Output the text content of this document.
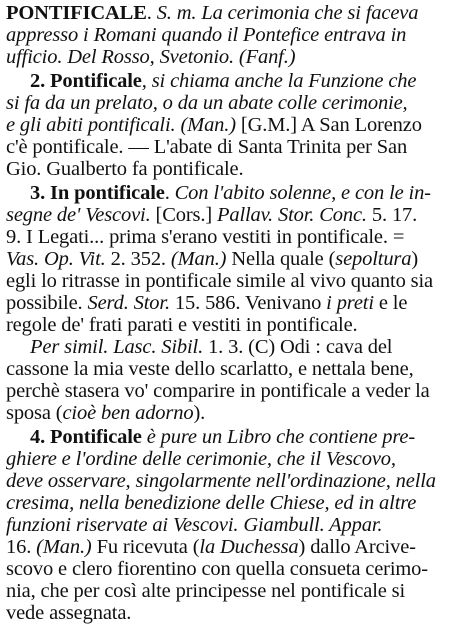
PONTIFICALE. S. m. La cerimonia che si faceva
appresso i Romani quando il Pontefice entrava in
ufficio. Del Rosso, Svetonio. (Fanf.)
2. Pontificale, si chiama anche la Funzione che
si fa da un prelato, o da un abate colle cerimonie,
e gli abiti pontificali. (Man.) [G.M.] A San Lorenzo
c'è pontificale. — L'abate di Santa Trinita per San
Gio. Gualberto fa pontificale.
3. In pontificale. Con l'abito solenne, e con le in-
segne de' Vescovi. [Cors.] Pallav. Stor. Conc. 5. 17.
9. I Legati... prima s'erano vestiti in pontificale. =
Vas. Op. Vit. 2. 352. (Man.) Nella quale (sepoltura)
egli lo ritrasse in pontificale simile al vivo quanto sia
possibile. Serd. Stor. 15. 586. Venivano i preti e le
regole de' frati parati e vestiti in pontificale.
Per simil. Lasc. Sibil. 1. 3. (C) Odi : cava del
cassone la mia veste dello scarlatto, e nettala bene,
perchè stasera vo' comparire in pontificale a veder la
sposa (cioè ben adorno).
4. Pontificale è pure un Libro che contiene pre-
ghiere e l'ordine delle cerimonie, che il Vescovo,
deve osservare, singolarmente nell'ordinazione, nella
cresima, nella benedizione delle Chiese, ed in altre
funzioni riservate ai Vescovi. Giambull. Appar.
16. (Man.) Fu ricevuta (la Duchessa) dallo Arcive-
scovo e clero fiorentino con quella consueta cerimo-
nia, che per così alte principesse nel pontificale si
vede assegnata.
